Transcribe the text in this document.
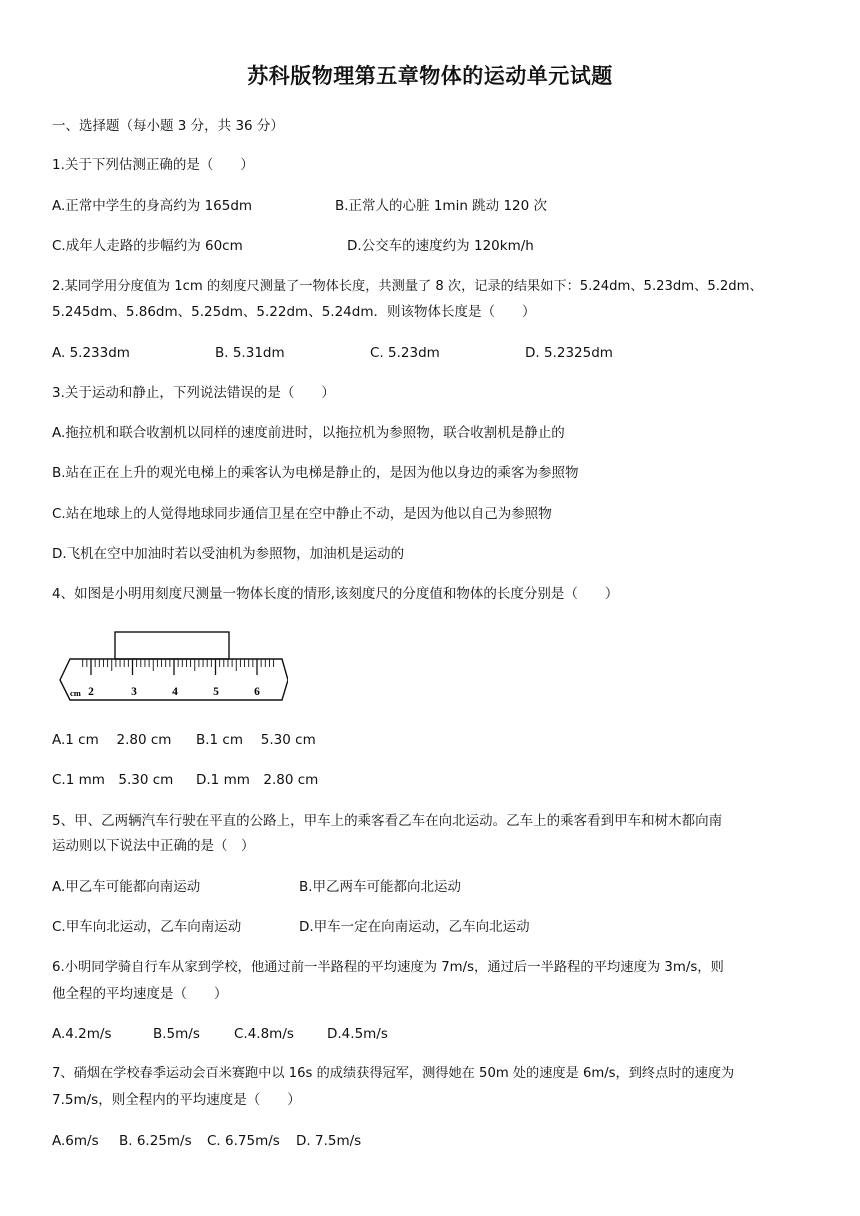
苏科版物理第五章物体的运动单元试题
一、选择题（每小题 3 分，共 36 分）
1.关于下列估测正确的是（　　）
A.正常中学生的身高约为 165dm	B.正常人的心脏 1min 跳动 120 次
C.成年人走路的步幅约为 60cm	D.公交车的速度约为 120km/h
2.某同学用分度值为 1cm 的刻度尺测量了一物体长度，共测量了 8 次，记录的结果如下：5.24dm、5.23dm、5.2dm、
5.245dm、5.86dm、5.25dm、5.22dm、5.24dm．则该物体长度是（　　）
A. 5.233dm	B. 5.31dm	C. 5.23dm	D. 5.2325dm
3.关于运动和静止，下列说法错误的是（　　）
A.拖拉机和联合收割机以同样的速度前进时，以拖拉机为参照物，联合收割机是静止的
B.站在正在上升的观光电梯上的乘客认为电梯是静止的，是因为他以身边的乘客为参照物
C.站在地球上的人觉得地球同步通信卫星在空中静止不动，是因为他以自己为参照物
D.飞机在空中加油时若以受油机为参照物，加油机是运动的
4、如图是小明用刻度尺测量一物体长度的情形,该刻度尺的分度值和物体的长度分别是（　　）
cm 2	3	4	5	6
A.1 cm　 2.80 cm B.1 cm　 5.30 cm
C.1 mm　5.30 cm D.1 mm　2.80 cm
5、甲、乙两辆汽车行驶在平直的公路上，甲车上的乘客看乙车在向北运动。乙车上的乘客看到甲车和树木都向南
运动则以下说法中正确的是（　）
A.甲乙车可能都向南运动	B.甲乙两车可能都向北运动
C.甲车向北运动，乙车向南运动	D.甲车一定在向南运动，乙车向北运动
6.小明同学骑自行车从家到学校，他通过前一半路程的平均速度为 7m/s，通过后一半路程的平均速度为 3m/s，则
他全程的平均速度是（　　）
A.4.2m/s	B.5m/s	C.4.8m/s D.4.5m/s
7、硝烟在学校春季运动会百米赛跑中以 16s 的成绩获得冠军，测得她在 50m 处的速度是 6m/s，到终点时的速度为
7.5m/s，则全程内的平均速度是（　　）
A.6m/s B. 6.25m/s C. 6.75m/s D. 7.5m/s
